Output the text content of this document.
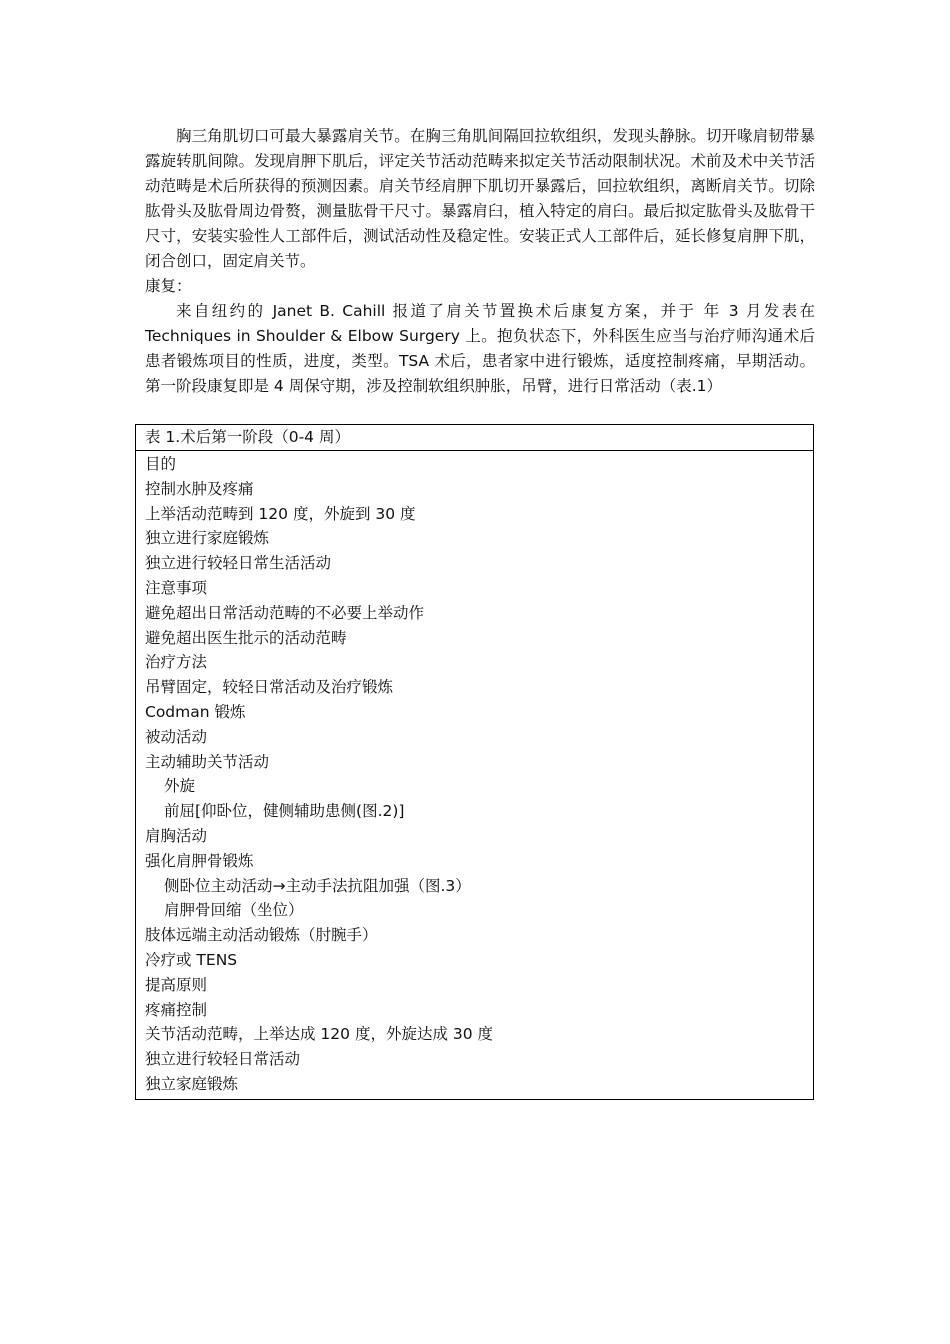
胸三角肌切口可最大暴露肩关节。在胸三角肌间隔回拉软组织，发现头静脉。切开喙肩韧带暴露旋转肌间隙。发现肩胛下肌后，评定关节活动范畴来拟定关节活动限制状况。术前及术中关节活动范畴是术后所获得的预测因素。肩关节经肩胛下肌切开暴露后，回拉软组织，离断肩关节。切除肱骨头及肱骨周边骨赘，测量肱骨干尺寸。暴露肩臼，植入特定的肩臼。最后拟定肱骨头及肱骨干尺寸，安装实验性人工部件后，测试活动性及稳定性。安装正式人工部件后，延长修复肩胛下肌，闭合创口，固定肩关节。

康复：

来自纽约的 Janet B. Cahill 报道了肩关节置换术后康复方案，并于 年 3 月发表在 Techniques in Shoulder & Elbow Surgery 上。抱负状态下，外科医生应当与治疗师沟通术后患者锻炼项目的性质，进度，类型。TSA 术后，患者家中进行锻炼，适度控制疼痛，早期活动。第一阶段康复即是 4 周保守期，涉及控制软组织肿胀，吊臂，进行日常活动（表.1）

表 1.术后第一阶段（0-4 周）
目的
控制水肿及疼痛
上举活动范畴到 120 度，外旋到 30 度
独立进行家庭锻炼
独立进行较轻日常生活活动
注意事项
避免超出日常活动范畴的不必要上举动作
避免超出医生批示的活动范畴
治疗方法
吊臂固定，较轻日常活动及治疗锻炼
Codman 锻炼
被动活动
主动辅助关节活动
外旋
前屈[仰卧位，健侧辅助患侧(图.2)]
肩胸活动
强化肩胛骨锻炼
侧卧位主动活动→主动手法抗阻加强（图.3）
肩胛骨回缩（坐位）
肢体远端主动活动锻炼（肘腕手）
冷疗或 TENS
提高原则
疼痛控制
关节活动范畴，上举达成 120 度，外旋达成 30 度
独立进行较轻日常活动
独立家庭锻炼
